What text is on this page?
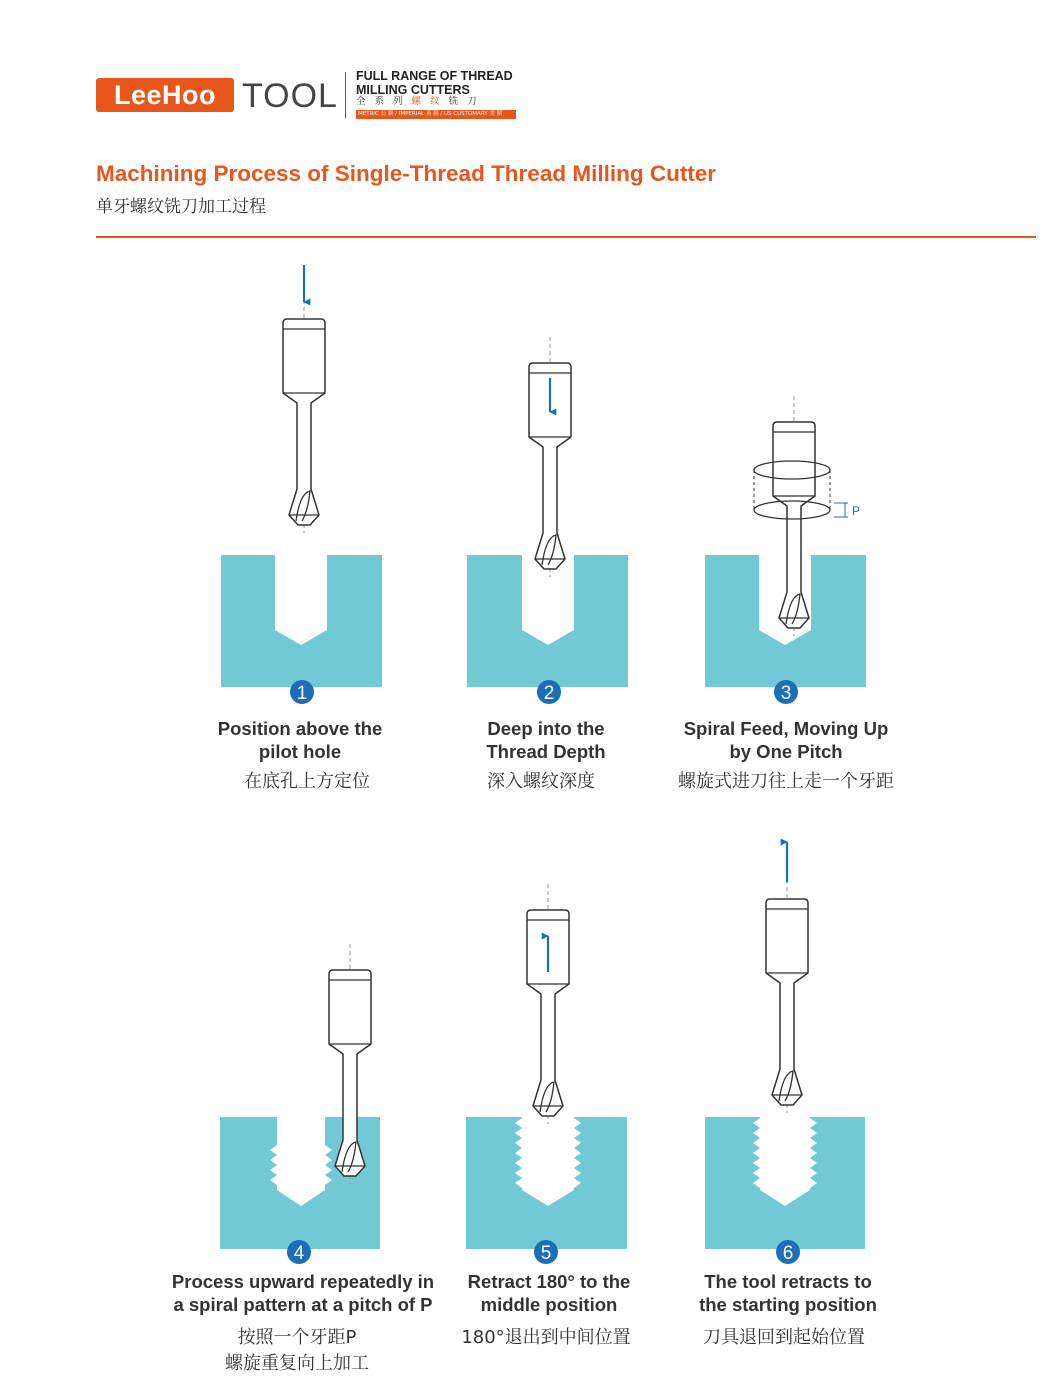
LeeHoo TOOL
FULL RANGE OF THREAD
MILLING CUTTERS
全系列螺纹铣刀
METRIC 公 制 / IMPERIAL 英 制 / US CUSTOMARY 美 制
Machining Process of Single-Thread Thread Milling Cutter
单牙螺纹铣刀加工过程
1	2	3
4	5	6
P
Position above the
pilot hole
在底孔上方定位
Deep into the
Thread Depth
深入螺纹深度
Spiral Feed, Moving Up
by One Pitch
螺旋式进刀往上走一个牙距
Process upward repeatedly in
a spiral pattern at a pitch of P
按照一个牙距P
螺旋重复向上加工
Retract 180° to the
middle position
180°退出到中间位置
The tool retracts to
the starting position
刀具退回到起始位置
